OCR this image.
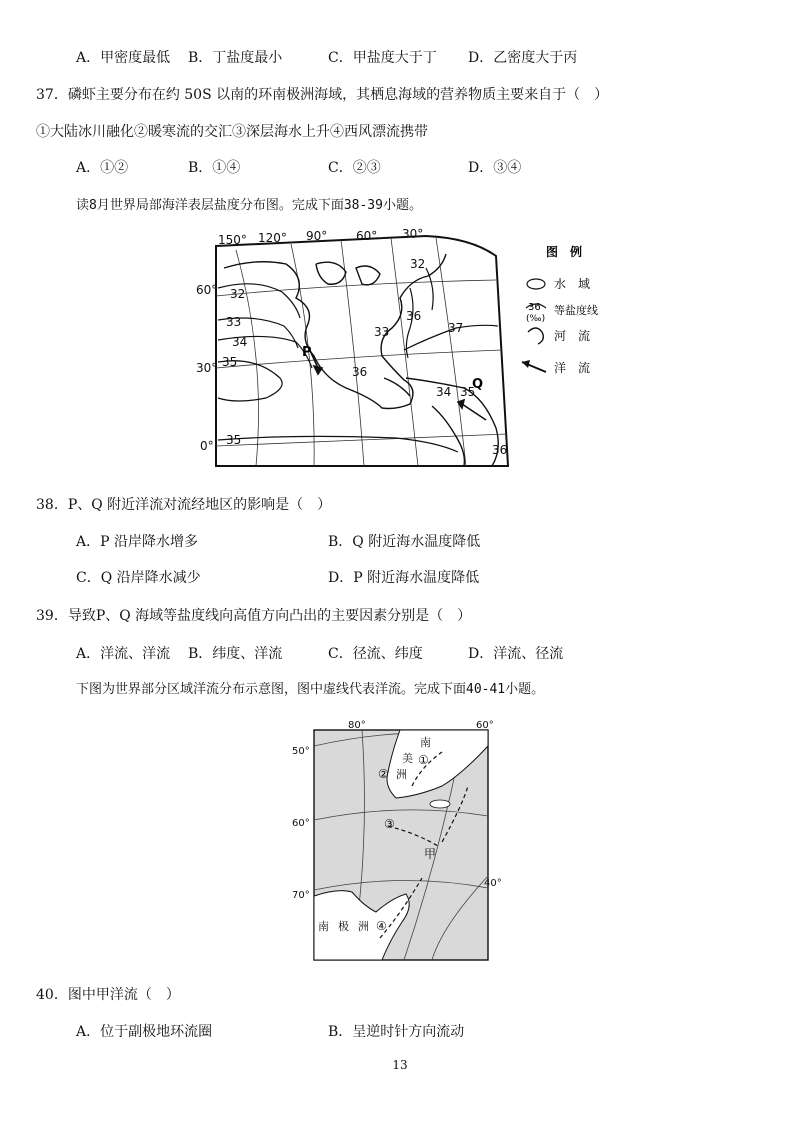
A．甲密度最低 B．丁盐度最小	C．甲盐度大于丁 D．乙密度大于丙
37．磷虾主要分布在约 50S 以南的环南极洲海域，其栖息海域的营养物质主要来自于（　）
①大陆冰川融化②暖寒流的交汇③深层海水上升④西风漂流携带
A．①②	B．①④	C．②③	D．③④
读8月世界局部海洋表层盐度分布图。完成下面38-39小题。
32
33
34
35
35
36
37
36
36
35
32
33
34
P
Q
150° 120° 90° 60° 30°
60°
30°
0°
图　例
水　域
36
(‰)
等盐度线
河　流
洋　流
38．P、Q 附近洋流对流经地区的影响是（　）
A．P 沿岸降水增多	B．Q 附近海水温度降低
C．Q 沿岸降水减少	D．P 附近海水温度降低
39．导致P、Q 海域等盐度线向高值方向凸出的主要因素分别是（　）
A．洋流、洋流 B．纬度、洋流	C．径流、纬度	D．洋流、径流
下图为世界部分区域洋流分布示意图，图中虚线代表洋流。完成下面40-41小题。
南
美
洲
南 极 洲
①
②
③
④
甲
80°	60°
40°
50°
60°
70°
40．图中甲洋流（　）
A．位于副极地环流圈	B．呈逆时针方向流动
13
